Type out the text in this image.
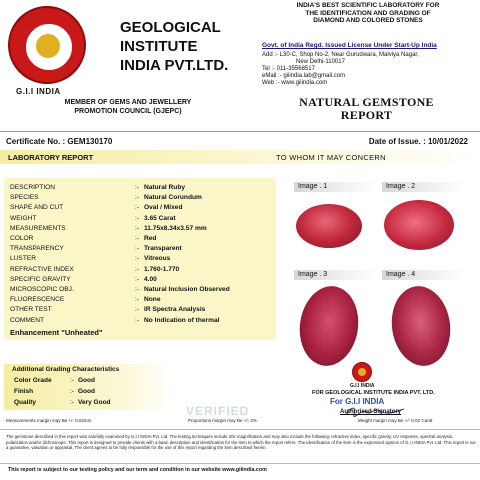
G.I.I INDIA
GEOLOGICAL
INSTITUTE
INDIA PVT.LTD.
MEMBER OF GEMS AND JEWELLERY
PROMOTION COUNCIL (GJEPC)
INDIA'S BEST SCIENTIFIC LABORATORY FOR
THE IDENTIFICATION AND GRADING OF
DIAMOND AND COLORED STONES
Govt. of India Regd. Issued License Under Start-Up India
Add :- L30-C, Shop No-2, Near Gurudwara, Malviya Nagar,
New Delhi-110017
Tel :- 011-35568517
eMail :- giiindia.lab@gmail.com
Web :- www.giiindia.com
NATURAL GEMSTONE
REPORT
Certificate No. : GEM130170	Date of Issue. : 10/01/2022
LABORATORY REPORT	TO WHOM IT MAY CONCERN
DESCRIPTION	:- Natural Ruby
SPECIES	:- Natural Corundum
SHAPE AND CUT	:- Oval / Mixed
WEIGHT	:- 3.65 Carat
MEASUREMENTS	:- 11.75x8.34x3.57 mm
COLOR	:- Red
TRANSPARENCY	:- Transparent
LUSTER	:- Vitreous
REFRACTIVE INDEX	:- 1.760-1.770
SPECIFIC GRAVITY	:- 4.00
MICROSCOPIC OBJ.	:- Natural Inclusion Observed
FLUORESCENCE	:- None
OTHER TEST	:- IR Spectra Analysis
COMMENT	:- No Indication of thermal
Enhancement "Unheated"
Image . 1	Image . 2
Image . 3	Image . 4
Additional Grading Characteristics
Color Grade	:- Good
Finish	:- Good
Quality	:- Very Good
G.I.I INDIA
FOR GEOLOGICAL INSTITUTE INDIA PVT. LTD.
For G.I.I INDIA
Authorised Signatory
VERIFIED
Measurements margin may Be +/- 0.02mm	Proportions margin may Be +/- 2%	Weight margin may Be +/- 0.02 Carat
The gemstone described in this report was carefully examined by G.I.I INDIA Pvt. Ltd. The testing techniques include 20x magnification and may also include the following: refractive index, specific gravity, UV response, spectral analysis, polarization and/or dichroscope. This report is designed to provide clients with a basic description and identification for the item to which the report refers. The identification of the item is the expressed opinion of G.I.I INDIA Pvt. Ltd. This report is not a guarantee, valuation or appraisal. The client agrees to be fully responsible for the use of this report regarding the item described herein.
This report is subject to our testing policy and our term and condition in our website www.giiindia.com
